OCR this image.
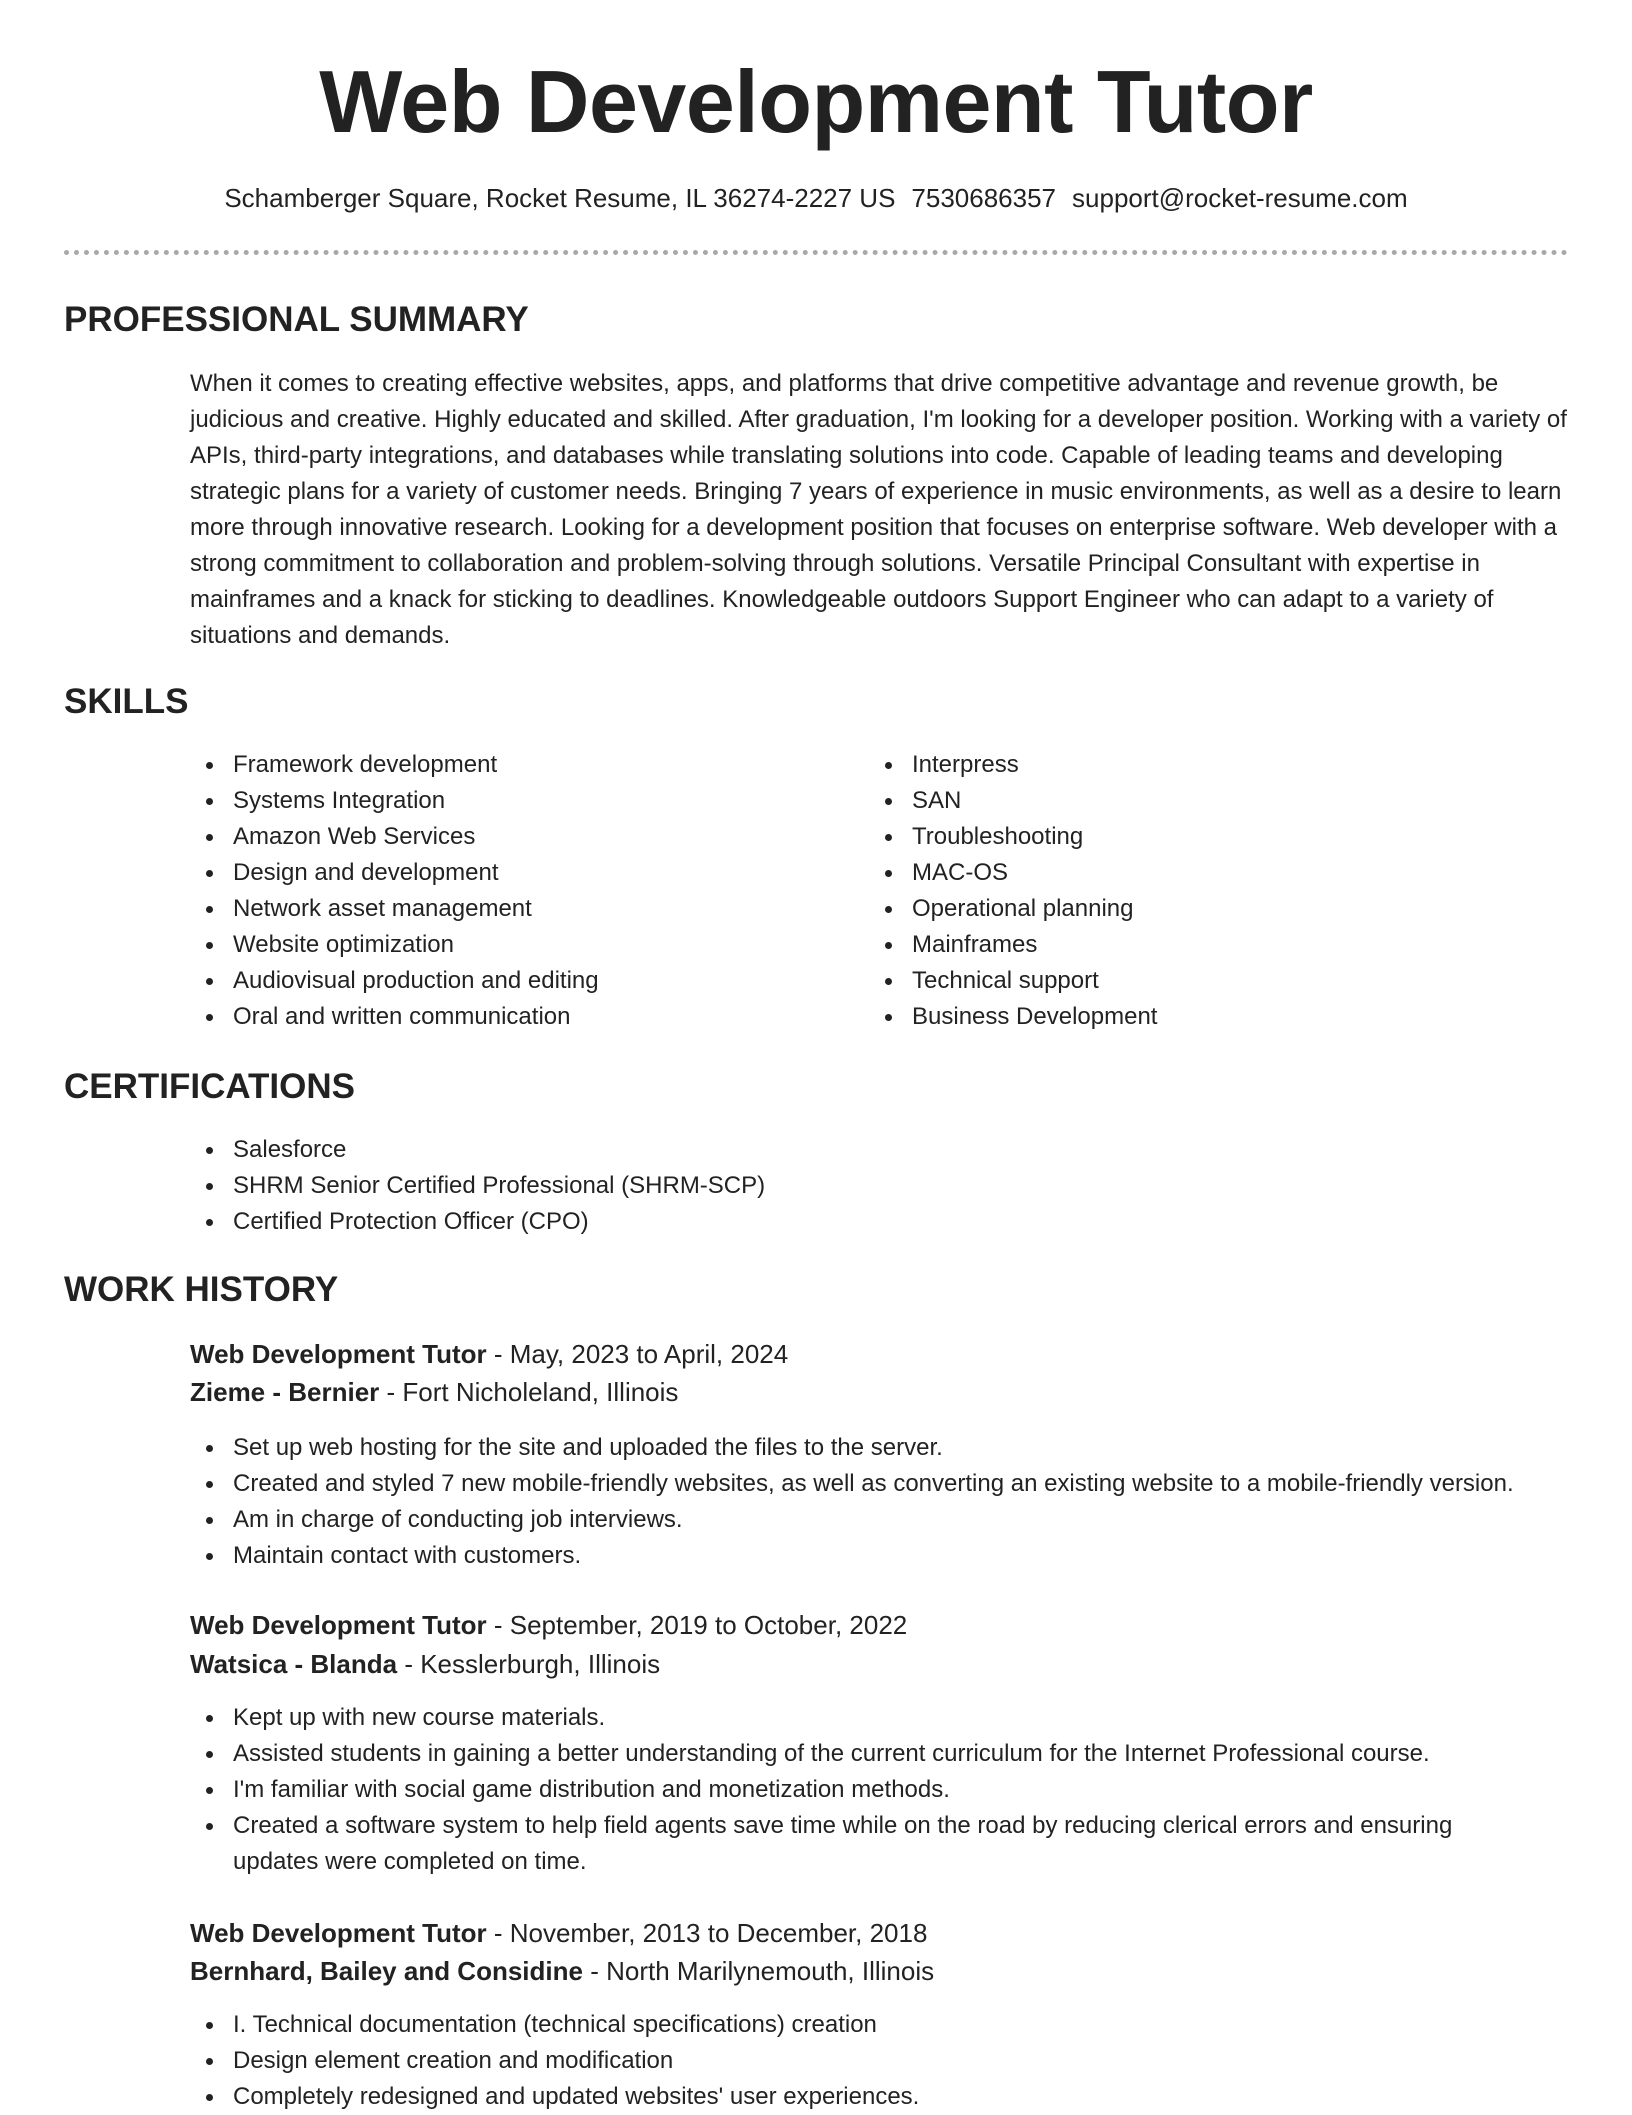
Web Development Tutor
Schamberger Square, Rocket Resume, IL 36274-2227 US 7530686357 support@rocket-resume.com
PROFESSIONAL SUMMARY

When it comes to creating effective websites, apps, and platforms that drive competitive advantage and revenue growth, be judicious and creative. Highly educated and skilled. After graduation, I'm looking for a developer position. Working with a variety of APIs, third-party integrations, and databases while translating solutions into code. Capable of leading teams and developing strategic plans for a variety of customer needs. Bringing 7 years of experience in music environments, as well as a desire to learn more through innovative research. Looking for a development position that focuses on enterprise software. Web developer with a strong commitment to collaboration and problem-solving through solutions. Versatile Principal Consultant with expertise in mainframes and a knack for sticking to deadlines. Knowledgeable outdoors Support Engineer who can adapt to a variety of situations and demands.

SKILLS
Framework development
Systems Integration
Amazon Web Services
Design and development
Network asset management
Website optimization
Audiovisual production and editing
Oral and written communication
Interpress
SAN
Troubleshooting
MAC-OS
Operational planning
Mainframes
Technical support
Business Development
CERTIFICATIONS
Salesforce
SHRM Senior Certified Professional (SHRM-SCP)
Certified Protection Officer (CPO)
WORK HISTORY
Web Development Tutor - May, 2023 to April, 2024
Zieme - Bernier - Fort Nicholeland, Illinois
Set up web hosting for the site and uploaded the files to the server.
Created and styled 7 new mobile-friendly websites, as well as converting an existing website to a mobile-friendly version.
Am in charge of conducting job interviews.
Maintain contact with customers.
Web Development Tutor - September, 2019 to October, 2022
Watsica - Blanda - Kesslerburgh, Illinois
Kept up with new course materials.
Assisted students in gaining a better understanding of the current curriculum for the Internet Professional course.
I'm familiar with social game distribution and monetization methods.
Created a software system to help field agents save time while on the road by reducing clerical errors and ensuring updates were completed on time.
Web Development Tutor - November, 2013 to December, 2018
Bernhard, Bailey and Considine - North Marilynemouth, Illinois
I. Technical documentation (technical specifications) creation
Design element creation and modification
Completely redesigned and updated websites' user experiences.
